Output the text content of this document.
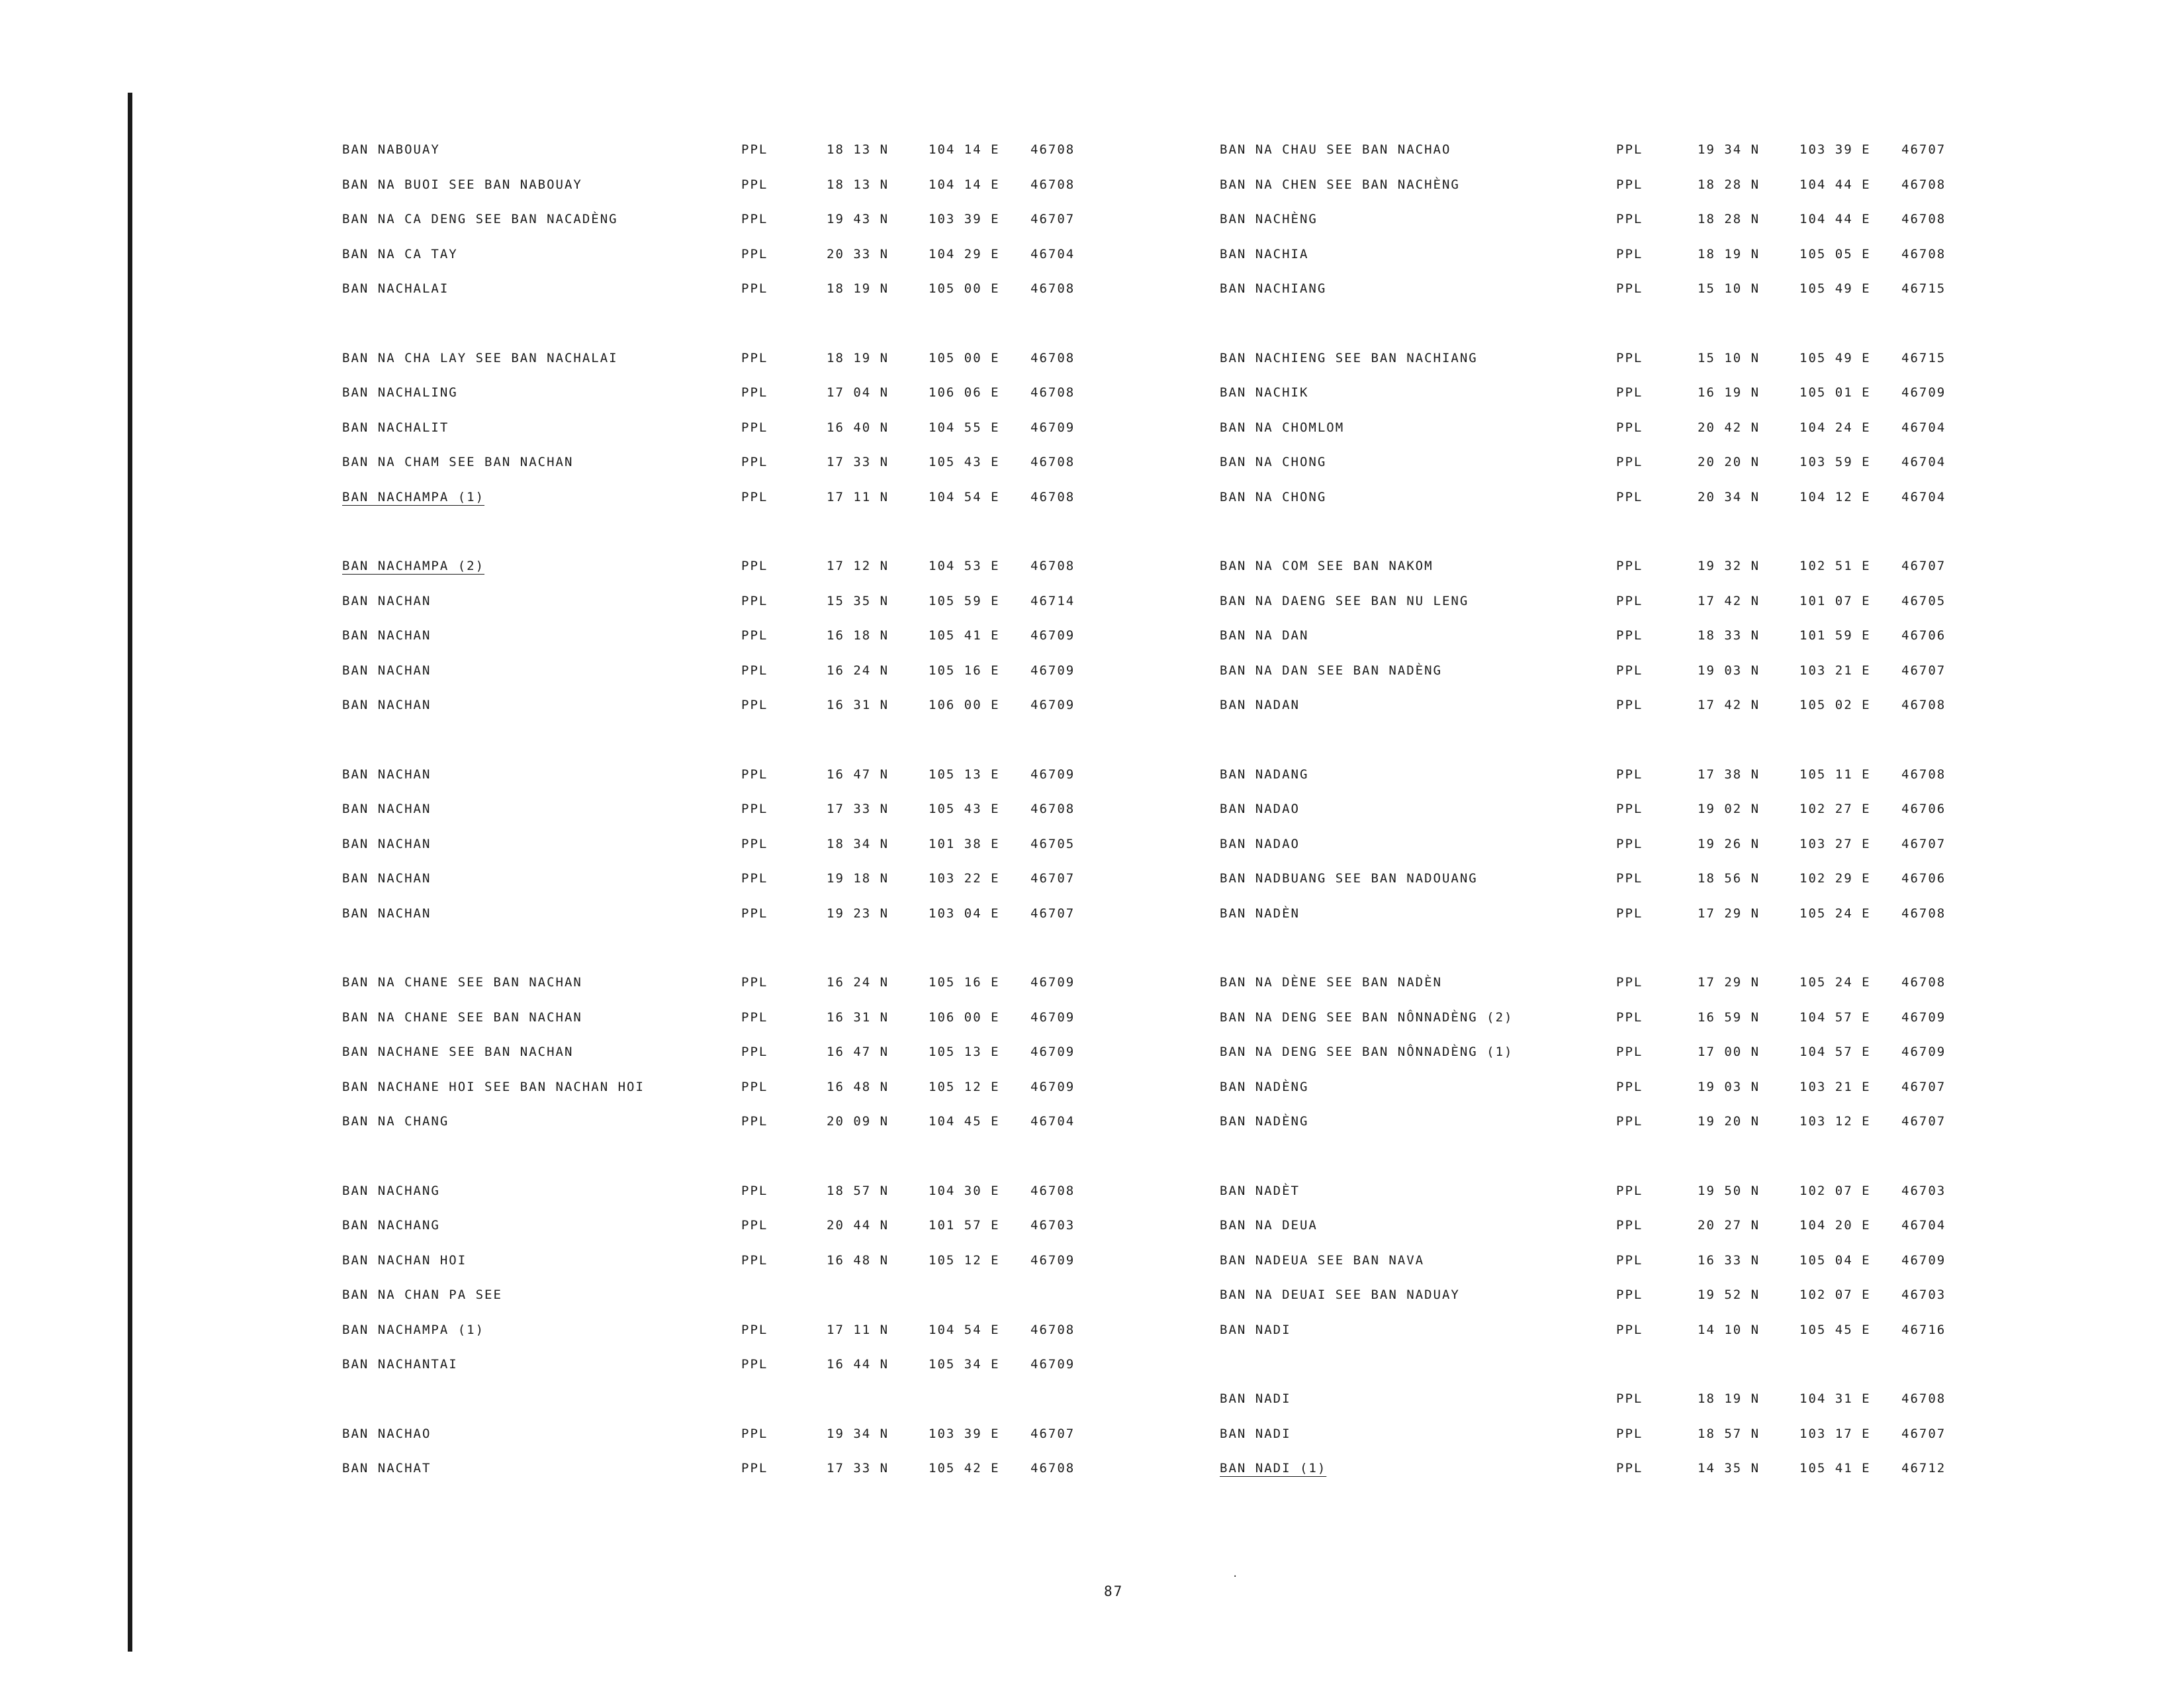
BAN NABOUAY	PPL	18 13 N	104 14 E 46708
BAN NA BUOI SEE BAN NABOUAY	PPL	18 13 N	104 14 E 46708
BAN NA CA DENG SEE BAN NACADÈNG	PPL	19 43 N	103 39 E 46707
BAN NA CA TAY	PPL	20 33 N	104 29 E 46704
BAN NACHALAI	PPL	18 19 N	105 00 E 46708
BAN NA CHA LAY SEE BAN NACHALAI	PPL	18 19 N	105 00 E 46708
BAN NACHALING	PPL	17 04 N	106 06 E 46708
BAN NACHALIT	PPL	16 40 N	104 55 E 46709
BAN NA CHAM SEE BAN NACHAN	PPL	17 33 N	105 43 E 46708
BAN NACHAMPA (1)	PPL	17 11 N	104 54 E 46708
BAN NACHAMPA (2)	PPL	17 12 N	104 53 E 46708
BAN NACHAN	PPL	15 35 N	105 59 E 46714
BAN NACHAN	PPL	16 18 N	105 41 E 46709
BAN NACHAN	PPL	16 24 N	105 16 E 46709
BAN NACHAN	PPL	16 31 N	106 00 E 46709
BAN NACHAN	PPL	16 47 N	105 13 E 46709
BAN NACHAN	PPL	17 33 N	105 43 E 46708
BAN NACHAN	PPL	18 34 N	101 38 E 46705
BAN NACHAN	PPL	19 18 N	103 22 E 46707
BAN NACHAN	PPL	19 23 N	103 04 E 46707
BAN NA CHANE SEE BAN NACHAN	PPL	16 24 N	105 16 E 46709
BAN NA CHANE SEE BAN NACHAN	PPL	16 31 N	106 00 E 46709
BAN NACHANE SEE BAN NACHAN	PPL	16 47 N	105 13 E 46709
BAN NACHANE HOI SEE BAN NACHAN HOI	PPL	16 48 N	105 12 E 46709
BAN NA CHANG	PPL	20 09 N	104 45 E 46704
BAN NACHANG	PPL	18 57 N	104 30 E 46708
BAN NACHANG	PPL	20 44 N	101 57 E 46703
BAN NACHAN HOI	PPL	16 48 N	105 12 E 46709
BAN NA CHAN PA SEE
BAN NACHAMPA (1)	PPL	17 11 N	104 54 E 46708
BAN NACHANTAI	PPL	16 44 N	105 34 E 46709
BAN NACHAO	PPL	19 34 N	103 39 E 46707
BAN NACHAT	PPL	17 33 N	105 42 E 46708
BAN NA CHAU SEE BAN NACHAO	PPL	19 34 N	103 39 E 46707
BAN NA CHEN SEE BAN NACHÈNG	PPL	18 28 N	104 44 E 46708
BAN NACHÈNG	PPL	18 28 N	104 44 E 46708
BAN NACHIA	PPL	18 19 N	105 05 E 46708
BAN NACHIANG	PPL	15 10 N	105 49 E 46715
BAN NACHIENG SEE BAN NACHIANG	PPL	15 10 N	105 49 E 46715
BAN NACHIK	PPL	16 19 N	105 01 E 46709
BAN NA CHOMLOM	PPL	20 42 N	104 24 E 46704
BAN NA CHONG	PPL	20 20 N	103 59 E 46704
BAN NA CHONG	PPL	20 34 N	104 12 E 46704
BAN NA COM SEE BAN NAKOM	PPL	19 32 N	102 51 E 46707
BAN NA DAENG SEE BAN NU LENG	PPL	17 42 N	101 07 E 46705
BAN NA DAN	PPL	18 33 N	101 59 E 46706
BAN NA DAN SEE BAN NADÈNG	PPL	19 03 N	103 21 E 46707
BAN NADAN	PPL	17 42 N	105 02 E 46708
BAN NADANG	PPL	17 38 N	105 11 E 46708
BAN NADAO	PPL	19 02 N	102 27 E 46706
BAN NADAO	PPL	19 26 N	103 27 E 46707
BAN NADBUANG SEE BAN NADOUANG	PPL	18 56 N	102 29 E 46706
BAN NADÈN	PPL	17 29 N	105 24 E 46708
BAN NA DÈNE SEE BAN NADÈN	PPL	17 29 N	105 24 E 46708
BAN NA DENG SEE BAN NÔNNADÈNG (2)	PPL	16 59 N	104 57 E 46709
BAN NA DENG SEE BAN NÔNNADÈNG (1)	PPL	17 00 N	104 57 E 46709
BAN NADÈNG	PPL	19 03 N	103 21 E 46707
BAN NADÈNG	PPL	19 20 N	103 12 E 46707
BAN NADÈT	PPL	19 50 N	102 07 E 46703
BAN NA DEUA	PPL	20 27 N	104 20 E 46704
BAN NADEUA SEE BAN NAVA	PPL	16 33 N	105 04 E 46709
BAN NA DEUAI SEE BAN NADUAY	PPL	19 52 N	102 07 E 46703
BAN NADI	PPL	14 10 N	105 45 E 46716
BAN NADI	PPL	18 19 N	104 31 E 46708
BAN NADI	PPL	18 57 N	103 17 E 46707
BAN NADI (1)	PPL	14 35 N	105 41 E 46712
87
·
